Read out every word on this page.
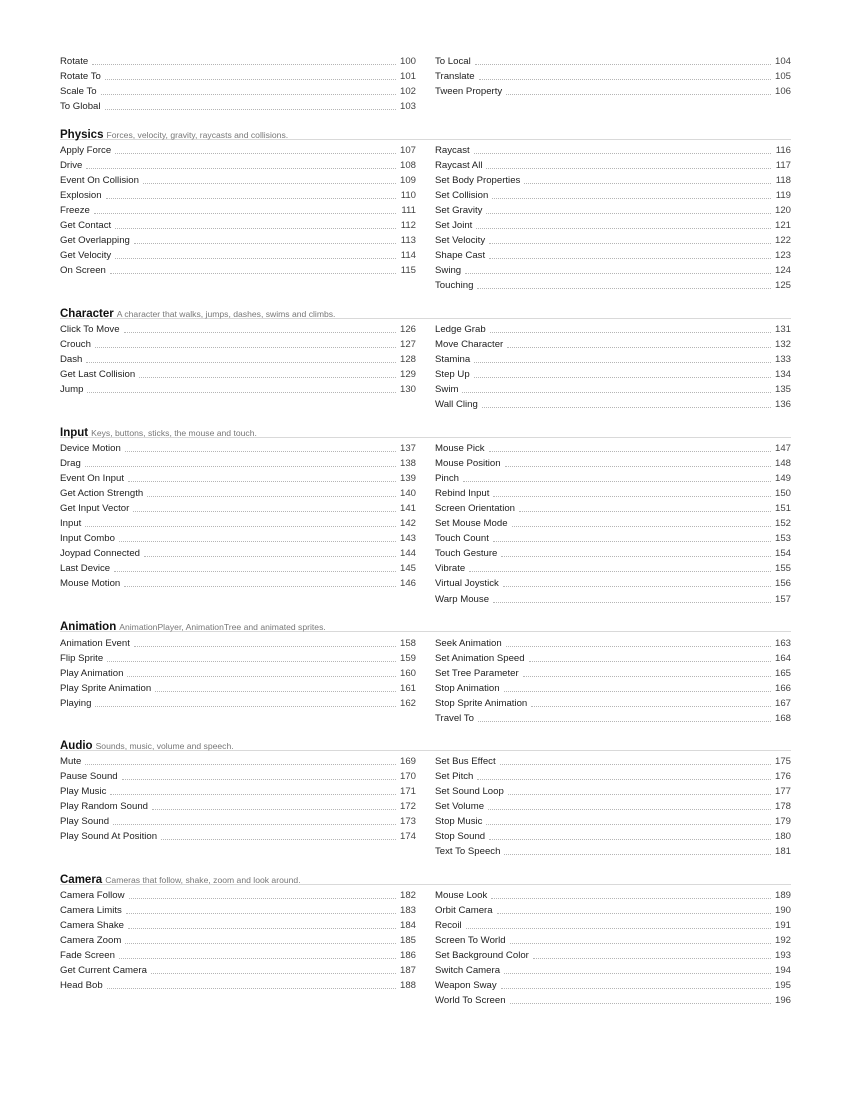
Rotate	100
Rotate To	101
Scale To	102
To Global	103
To Local	104
Translate	105
Tween Property	106
Physics Forces, velocity, gravity, raycasts and collisions.
Apply Force	107
Drive	108
Event On Collision	109
Explosion	110
Freeze	111
Get Contact	112
Get Overlapping	113
Get Velocity	114
On Screen	115
Raycast	116
Raycast All	117
Set Body Properties	118
Set Collision	119
Set Gravity	120
Set Joint	121
Set Velocity	122
Shape Cast	123
Swing	124
Touching	125
Character A character that walks, jumps, dashes, swims and climbs.
Click To Move	126
Crouch	127
Dash	128
Get Last Collision	129
Jump	130
Ledge Grab	131
Move Character	132
Stamina	133
Step Up	134
Swim	135
Wall Cling	136
Input Keys, buttons, sticks, the mouse and touch.
Device Motion	137
Drag	138
Event On Input	139
Get Action Strength	140
Get Input Vector	141
Input	142
Input Combo	143
Joypad Connected	144
Last Device	145
Mouse Motion	146
Mouse Pick	147
Mouse Position	148
Pinch	149
Rebind Input	150
Screen Orientation	151
Set Mouse Mode	152
Touch Count	153
Touch Gesture	154
Vibrate	155
Virtual Joystick	156
Warp Mouse	157
Animation AnimationPlayer, AnimationTree and animated sprites.
Animation Event	158
Flip Sprite	159
Play Animation	160
Play Sprite Animation	161
Playing	162
Seek Animation	163
Set Animation Speed	164
Set Tree Parameter	165
Stop Animation	166
Stop Sprite Animation	167
Travel To	168
Audio Sounds, music, volume and speech.
Mute	169
Pause Sound	170
Play Music	171
Play Random Sound	172
Play Sound	173
Play Sound At Position	174
Set Bus Effect	175
Set Pitch	176
Set Sound Loop	177
Set Volume	178
Stop Music	179
Stop Sound	180
Text To Speech	181
Camera Cameras that follow, shake, zoom and look around.
Camera Follow	182
Camera Limits	183
Camera Shake	184
Camera Zoom	185
Fade Screen	186
Get Current Camera	187
Head Bob	188
Mouse Look	189
Orbit Camera	190
Recoil	191
Screen To World	192
Set Background Color	193
Switch Camera	194
Weapon Sway	195
World To Screen	196
